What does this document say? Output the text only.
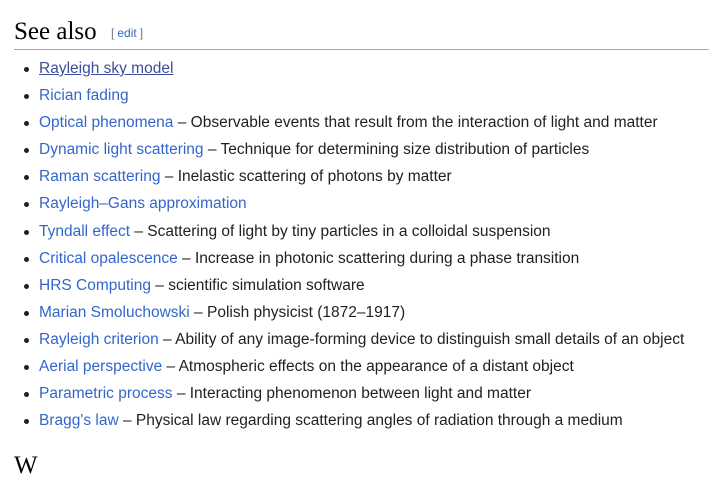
See also [ edit ]
Rayleigh sky model
Rician fading
Optical phenomena – Observable events that result from the interaction of light and matter
Dynamic light scattering – Technique for determining size distribution of particles
Raman scattering – Inelastic scattering of photons by matter
Rayleigh–Gans approximation
Tyndall effect – Scattering of light by tiny particles in a colloidal suspension
Critical opalescence – Increase in photonic scattering during a phase transition
HRS Computing – scientific simulation software
Marian Smoluchowski – Polish physicist (1872–1917)
Rayleigh criterion – Ability of any image-forming device to distinguish small details of an object
Aerial perspective – Atmospheric effects on the appearance of a distant object
Parametric process – Interacting phenomenon between light and matter
Bragg's law – Physical law regarding scattering angles of radiation through a medium
W
